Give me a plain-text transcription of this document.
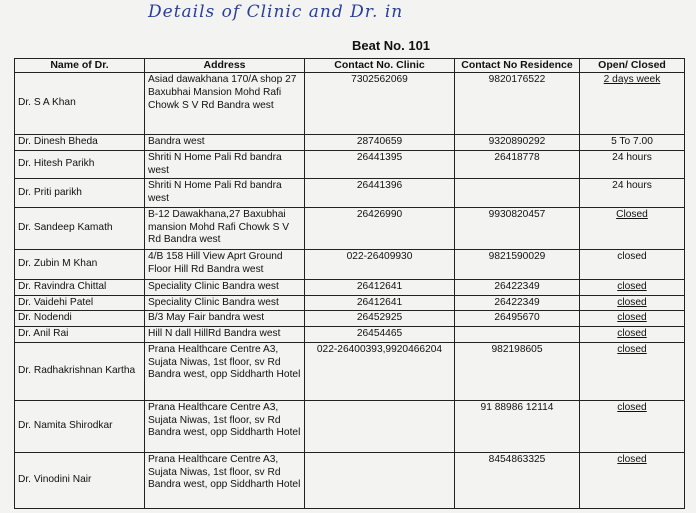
Details of Clinic and Dr. in
Beat No. 101
Name of Dr.	Address	Contact No. Clinic	Contact No Residence	Open/ Closed
Dr. S A Khan	Asiad dawakhana 170/A shop 27 Baxubhai Mansion Mohd Rafi Chowk S V Rd Bandra west	7302562069	9820176522	2 days week
Dr. Dinesh Bheda	Bandra west	28740659	9320890292	5 To 7.00
Dr. Hitesh Parikh	Shriti N Home Pali Rd bandra west	26441395	26418778	24 hours
Dr. Priti parikh	Shriti N Home Pali Rd bandra west	26441396		24 hours
Dr. Sandeep Kamath	B-12 Dawakhana,27 Baxubhai mansion Mohd Rafi Chowk S V Rd Bandra west	26426990	9930820457	Closed
Dr. Zubin M Khan	4/B 158 Hill View Aprt Ground Floor Hill Rd Bandra west	022-26409930	9821590029	closed
Dr. Ravindra Chittal	Speciality Clinic Bandra west	26412641	26422349	closed
Dr. Vaidehi Patel	Speciality Clinic Bandra west	26412641	26422349	closed
Dr. Nodendi	B/3 May Fair bandra west	26452925	26495670	closed
Dr. Anil Rai	Hill N dall HillRd Bandra west	26454465		closed
Dr. Radhakrishnan Kartha	Prana Healthcare Centre A3, Sujata Niwas, 1st floor, sv Rd Bandra west, opp Siddharth Hotel	022-26400393,9920466204	982198605	closed
Dr. Namita Shirodkar	Prana Healthcare Centre A3, Sujata Niwas, 1st floor, sv Rd Bandra west, opp Siddharth Hotel		91 88986 12114	closed
Dr. Vinodini Nair	Prana Healthcare Centre A3, Sujata Niwas, 1st floor, sv Rd Bandra west, opp Siddharth Hotel		8454863325	closed
